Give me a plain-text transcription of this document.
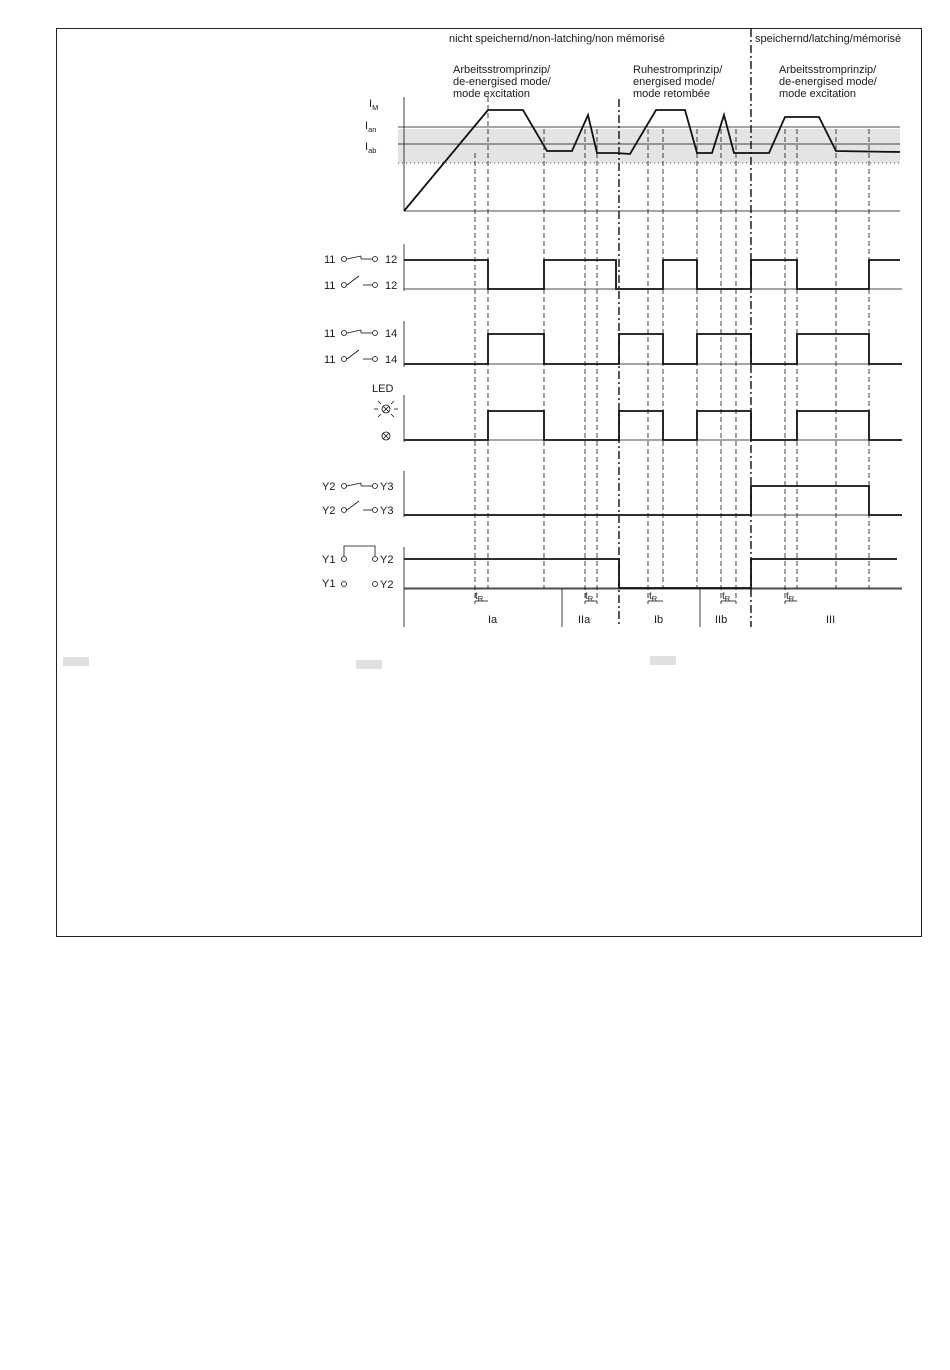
nicht speichernd/non-latching/non mémorisé	speichernd/latching/mémorisé
Arbeitsstromprinzip/
de-energised mode/
mode excitation
Ruhestromprinzip/
energised mode/
mode retombée
Arbeitsstromprinzip/
de-energised mode/
mode excitation
$I_M$
$I_{an}$
$I_{ab}$
$t_R$	$t_R$	$t_R$	$t_R$	$t_R$
Ia	IIa	Ib	IIb	III
11	12
11	12
11	14
11	14
LED
Y2	Y3
Y2	Y3
Y1	Y2
Y1	Y2
